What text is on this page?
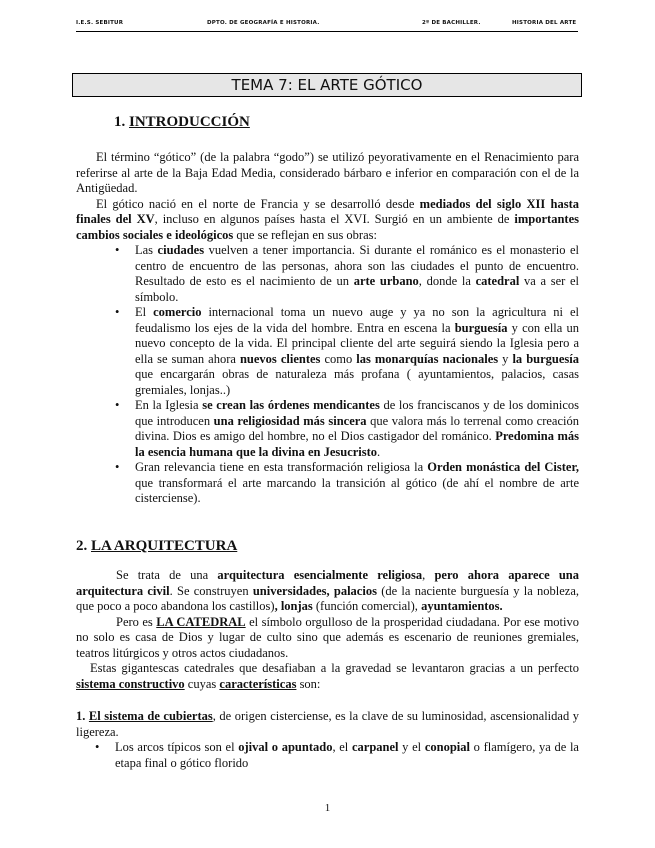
I.E.S. SEBITUR	DPTO. DE GEOGRAFÍA E HISTORIA.	2º DE BACHILLER.	HISTORIA DEL ARTE
TEMA 7: EL ARTE GÓTICO
1. INTRODUCCIÓN

El término “gótico” (de la palabra “godo”) se utilizó peyorativamente en el Renacimiento para referirse al arte de la Baja Edad Media, considerado bárbaro e inferior en comparación con el de la Antigüedad.

El gótico nació en el norte de Francia y se desarrolló desde mediados del siglo XII hasta finales del XV, incluso en algunos países hasta el XVI. Surgió en un ambiente de importantes cambios sociales e ideológicos que se reflejan en sus obras:

• Las ciudades vuelven a tener importancia. Si durante el románico es el monasterio el centro de encuentro de las personas, ahora son las ciudades el punto de encuentro. Resultado de esto es el nacimiento de un arte urbano, donde la catedral va a ser el símbolo.
• El comercio internacional toma un nuevo auge y ya no son la agricultura ni el feudalismo los ejes de la vida del hombre. Entra en escena la burguesía y con ella un nuevo concepto de la vida. El principal cliente del arte seguirá siendo la Iglesia pero a ella se suman ahora nuevos clientes como las monarquías nacionales y la burguesía que encargarán obras de naturaleza más profana ( ayuntamientos, palacios, casas gremiales, lonjas..)
• En la Iglesia se crean las órdenes mendicantes de los franciscanos y de los dominicos que introducen una religiosidad más sincera que valora más lo terrenal como creación divina. Dios es amigo del hombre, no el Dios castigador del románico. Predomina más la esencia humana que la divina en Jesucristo.
• Gran relevancia tiene en esta transformación religiosa la Orden monástica del Cister, que transformará el arte marcando la transición al gótico (de ahí el nombre de arte cisterciense).
2. LA ARQUITECTURA

Se trata de una arquitectura esencialmente religiosa, pero ahora aparece una arquitectura civil. Se construyen universidades, palacios (de la naciente burguesía y la nobleza, que poco a poco abandona los castillos), lonjas (función comercial), ayuntamientos.

Pero es LA CATEDRAL el símbolo orgulloso de la prosperidad ciudadana. Por ese motivo no solo es casa de Dios y lugar de culto sino que además es escenario de reuniones gremiales, teatros litúrgicos y otros actos ciudadanos.

Estas gigantescas catedrales que desafiaban a la gravedad se levantaron gracias a un perfecto sistema constructivo cuyas características son:

1. El sistema de cubiertas, de origen cisterciense, es la clave de su luminosidad, ascensionalidad y ligereza.

• Los arcos típicos son el ojival o apuntado, el carpanel y el conopial o flamígero, ya de la etapa final o gótico florido
1
